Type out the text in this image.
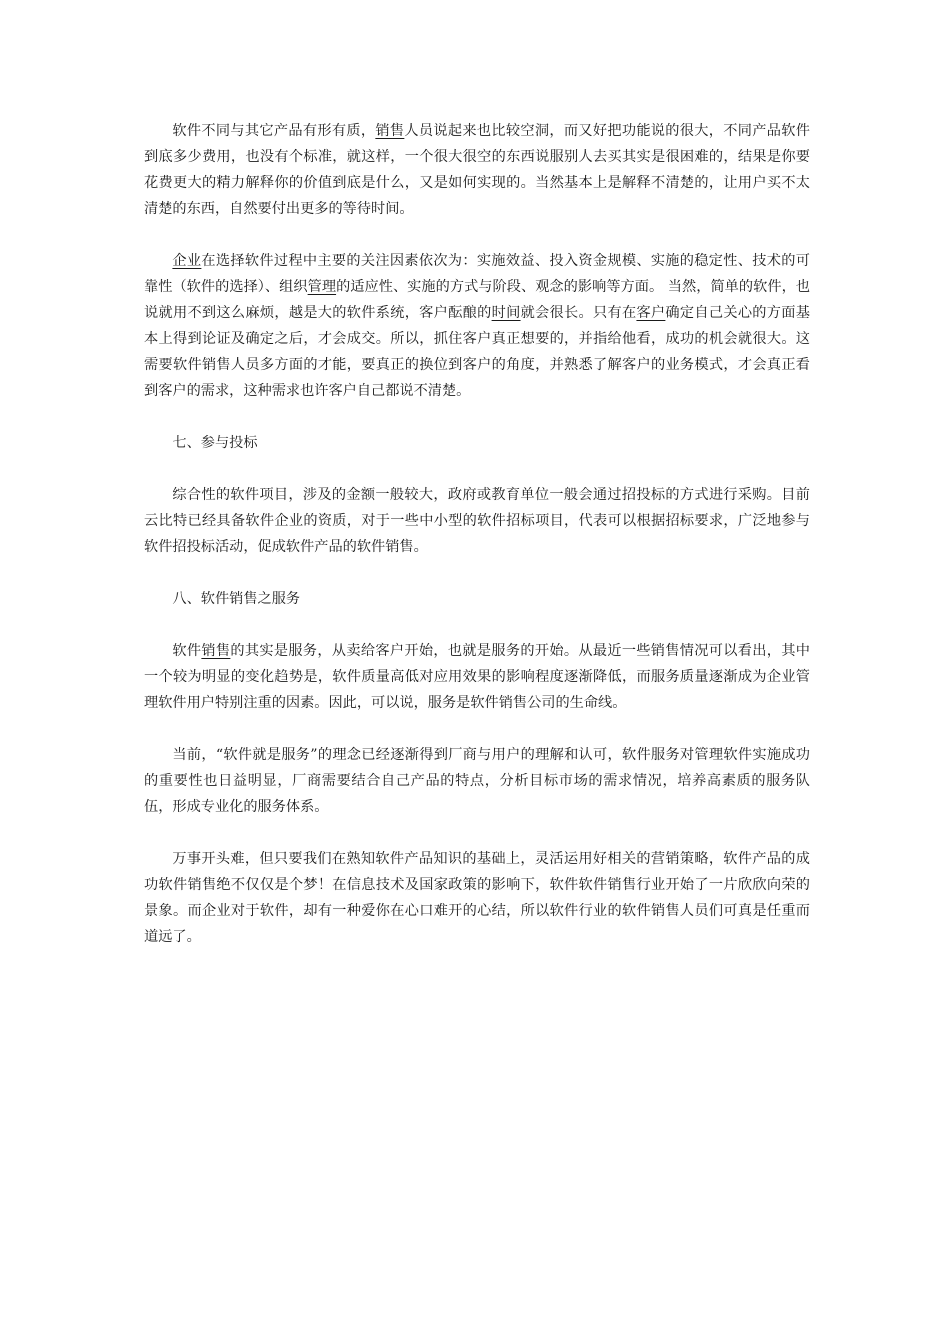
软件不同与其它产品有形有质，销售人员说起来也比较空洞，而又好把功能说的很大，不同产品软件到底多少费用，也没有个标准，就这样，一个很大很空的东西说服别人去买其实是很困难的，结果是你要花费更大的精力解释你的价值到底是什么，又是如何实现的。当然基本上是解释不清楚的，让用户买不太清楚的东西，自然要付出更多的等待时间。

企业在选择软件过程中主要的关注因素依次为：实施效益、投入资金规模、实施的稳定性、技术的可靠性（软件的选择）、组织管理的适应性、实施的方式与阶段、观念的影响等方面。 当然，简单的软件，也说就用不到这么麻烦，越是大的软件系统，客户酝酿的时间就会很长。只有在客户确定自己关心的方面基本上得到论证及确定之后，才会成交。所以，抓住客户真正想要的，并指给他看，成功的机会就很大。这需要软件销售人员多方面的才能，要真正的换位到客户的角度，并熟悉了解客户的业务模式，才会真正看到客户的需求，这种需求也许客户自己都说不清楚。

七、参与投标

综合性的软件项目，涉及的金额一般较大，政府或教育单位一般会通过招投标的方式进行采购。目前云比特已经具备软件企业的资质，对于一些中小型的软件招标项目，代表可以根据招标要求，广泛地参与软件招投标活动，促成软件产品的软件销售。

八、软件销售之服务

软件销售的其实是服务，从卖给客户开始，也就是服务的开始。从最近一些销售情况可以看出，其中一个较为明显的变化趋势是，软件质量高低对应用效果的影响程度逐渐降低，而服务质量逐渐成为企业管理软件用户特别注重的因素。因此，可以说，服务是软件销售公司的生命线。

当前，“软件就是服务”的理念已经逐渐得到厂商与用户的理解和认可，软件服务对管理软件实施成功的重要性也日益明显，厂商需要结合自己产品的特点，分析目标市场的需求情况，培养高素质的服务队伍，形成专业化的服务体系。

万事开头难，但只要我们在熟知软件产品知识的基础上，灵活运用好相关的营销策略，软件产品的成功软件销售绝不仅仅是个梦！在信息技术及国家政策的影响下，软件软件销售行业开始了一片欣欣向荣的景象。而企业对于软件，却有一种爱你在心口难开的心结，所以软件行业的软件销售人员们可真是任重而道远了。
